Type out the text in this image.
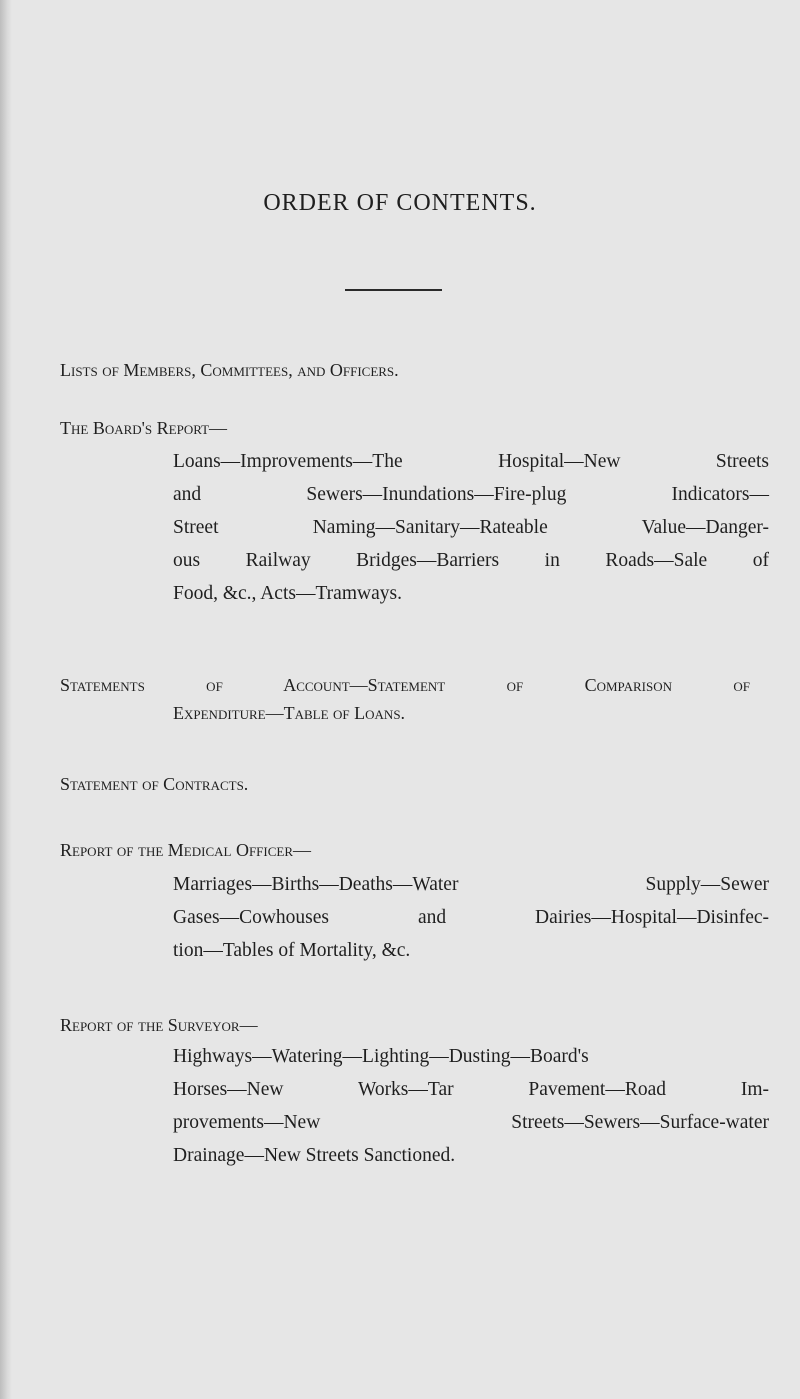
ORDER OF CONTENTS.
Lists of Members, Committees, and Officers.
The Board's Report—
Loans—Improvements—The Hospital—New Streets
and Sewers—Inundations—Fire-plug Indicators—
Street Naming—Sanitary—Rateable Value—Danger-
ous Railway Bridges—Barriers in Roads—Sale of
Food, &c., Acts—Tramways.
Statements of Account—Statement of Comparison of
Expenditure—Table of Loans.
Statement of Contracts.
Report of the Medical Officer—
Marriages—Births—Deaths—Water Supply—Sewer
Gases—Cowhouses and Dairies—Hospital—Disinfec-
tion—Tables of Mortality, &c.
Report of the Surveyor—
Highways—Watering—Lighting—Dusting—Board's
Horses—New Works—Tar Pavement—Road Im-
provements—New Streets—Sewers—Surface-water
Drainage—New Streets Sanctioned.
